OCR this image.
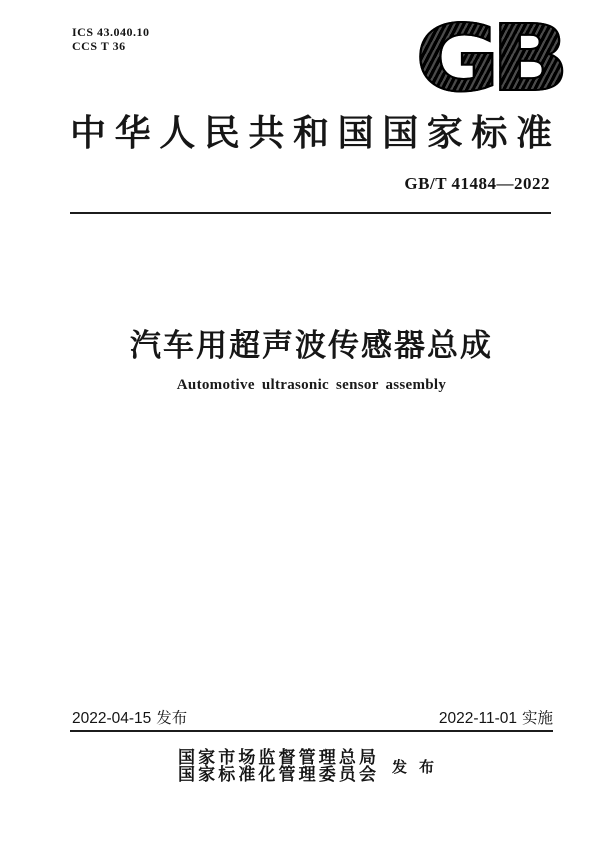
ICS 43.040.10
CCS T 36	GB
中华人民共和国国家标准
GB/T 41484—2022
汽车用超声波传感器总成
Automotive ultrasonic sensor assembly
2022-04-15 发布	2022-11-01 实施
国家市场监督管理总局
国家标准化管理委员会 发布
